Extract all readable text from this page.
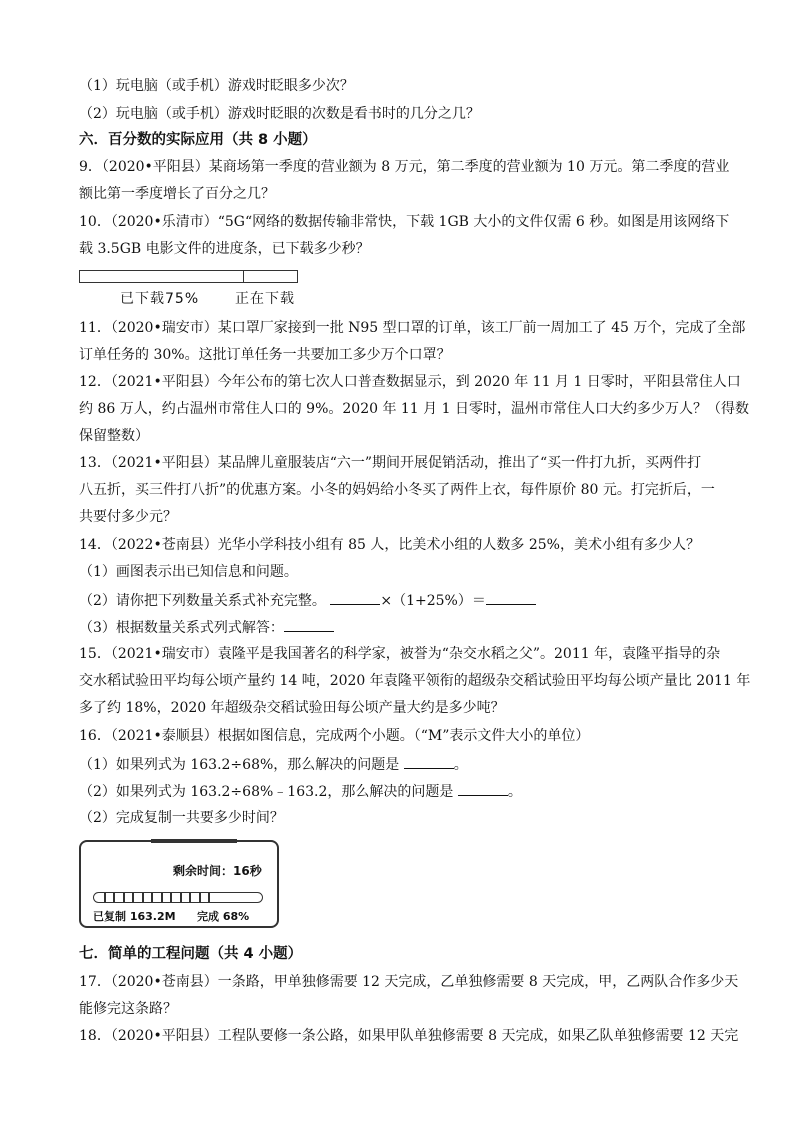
（1）玩电脑（或手机）游戏时眨眼多少次？
（2）玩电脑（或手机）游戏时眨眼的次数是看书时的几分之几？
六．百分数的实际应用（共 8 小题）
9．（2020•平阳县）某商场第一季度的营业额为 8 万元，第二季度的营业额为 10 万元。第二季度的营业
额比第一季度增长了百分之几？
10．（2020•乐清市）“5G“网络的数据传输非常快，下载 1GB 大小的文件仅需 6 秒。如图是用该网络下
载 3.5GB 电影文件的进度条，已下载多少秒？
已下载75%	正在下载
11．（2020•瑞安市）某口罩厂家接到一批 N95 型口罩的订单，该工厂前一周加工了 45 万个，完成了全部
订单任务的 30%。这批订单任务一共要加工多少万个口罩？
12．（2021•平阳县）今年公布的第七次人口普查数据显示，到 2020 年 11 月 1 日零时，平阳县常住人口
约 86 万人，约占温州市常住人口的 9%。2020 年 11 月 1 日零时，温州市常住人口大约多少万人？（得数
保留整数）
13．（2021•平阳县）某品牌儿童服装店“六一”期间开展促销活动，推出了“买一件打九折，买两件打
八五折，买三件打八折”的优惠方案。小冬的妈妈给小冬买了两件上衣，每件原价 80 元。打完折后，一
共要付多少元？
14．（2022•苍南县）光华小学科技小组有 85 人，比美术小组的人数多 25%，美术小组有多少人？
（1）画图表示出已知信息和问题。
（2）请你把下列数量关系式补充完整。	×（1+25%）＝
（3）根据数量关系式列式解答：
15．（2021•瑞安市）袁隆平是我国著名的科学家，被誉为“杂交水稻之父”。2011 年，袁隆平指导的杂
交水稻试验田平均每公顷产量约 14 吨，2020 年袁隆平领衔的超级杂交稻试验田平均每公顷产量比 2011 年
多了约 18%，2020 年超级杂交稻试验田每公顷产量大约是多少吨？
16．（2021•泰顺县）根据如图信息，完成两个小题。（“M”表示文件大小的单位）
（1）如果列式为 163.2÷68%，那么解决的问题是	。
（2）如果列式为 163.2÷68%﹣163.2，那么解决的问题是	。
（2）完成复制一共要多少时间？
剩余时间：16秒
已复制 163.2M 完成 68%
七．简单的工程问题（共 4 小题）
17．（2020•苍南县）一条路，甲单独修需要 12 天完成，乙单独修需要 8 天完成，甲，乙两队合作多少天
能修完这条路？
18．（2020•平阳县）工程队要修一条公路，如果甲队单独修需要 8 天完成，如果乙队单独修需要 12 天完
